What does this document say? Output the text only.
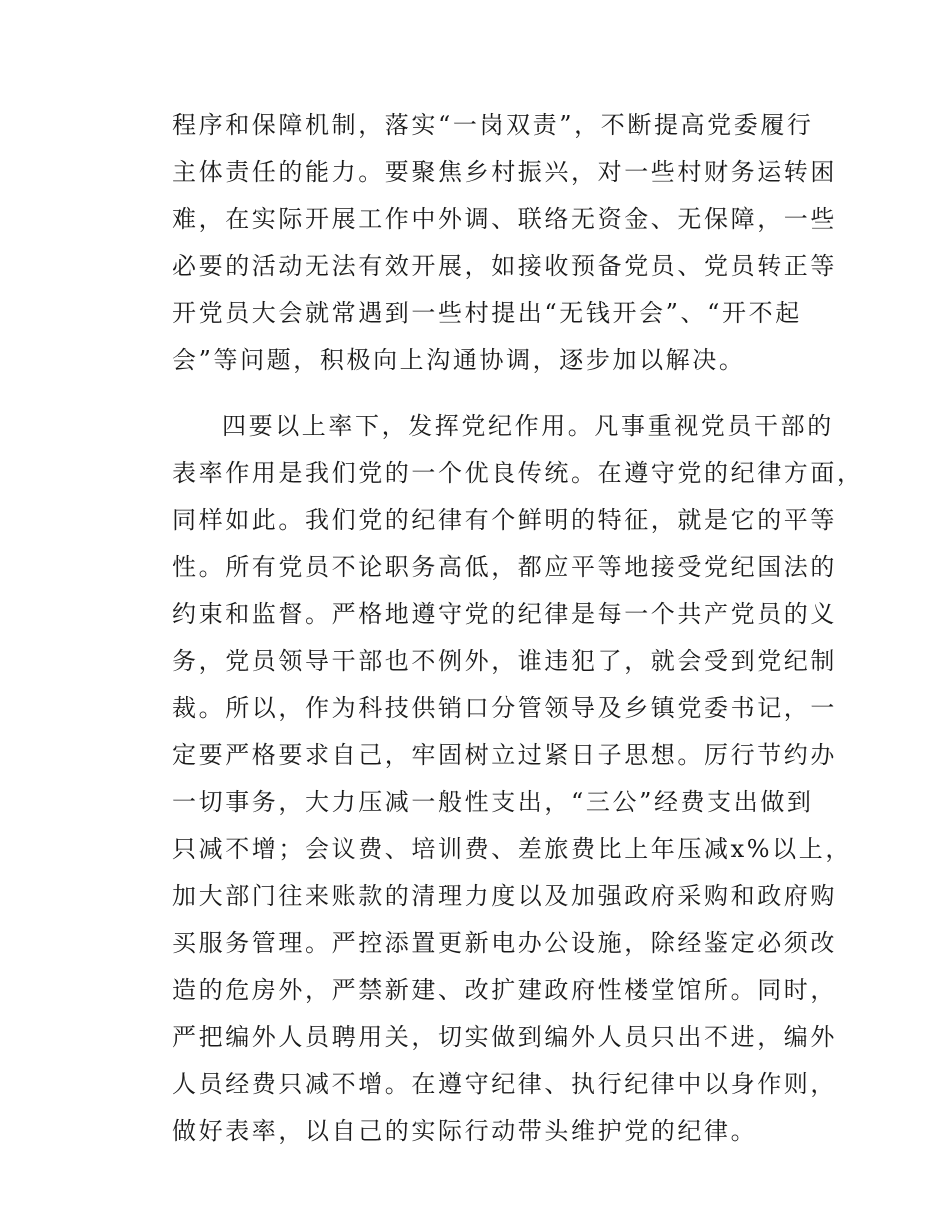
程序和保障机制，落实“一岗双责”，不断提高党委履行
主体责任的能力。要聚焦乡村振兴，对一些村财务运转困
难，在实际开展工作中外调、联络无资金、无保障，一些
必要的活动无法有效开展，如接收预备党员、党员转正等
开党员大会就常遇到一些村提出“无钱开会”、“开不起
会”等问题，积极向上沟通协调，逐步加以解决。
四要以上率下，发挥党纪作用。凡事重视党员干部的
表率作用是我们党的一个优良传统。在遵守党的纪律方面，
同样如此。我们党的纪律有个鲜明的特征，就是它的平等
性。所有党员不论职务高低，都应平等地接受党纪国法的
约束和监督。严格地遵守党的纪律是每一个共产党员的义
务，党员领导干部也不例外，谁违犯了，就会受到党纪制
裁。所以，作为科技供销口分管领导及乡镇党委书记，一
定要严格要求自己，牢固树立过紧日子思想。厉行节约办
一切事务，大力压减一般性支出，“三公”经费支出做到
只减不增；会议费、培训费、差旅费比上年压减x%以上，
加大部门往来账款的清理力度以及加强政府采购和政府购
买服务管理。严控添置更新电办公设施，除经鉴定必须改
造的危房外，严禁新建、改扩建政府性楼堂馆所。同时，
严把编外人员聘用关，切实做到编外人员只出不进，编外
人员经费只减不增。在遵守纪律、执行纪律中以身作则，
做好表率，以自己的实际行动带头维护党的纪律。
